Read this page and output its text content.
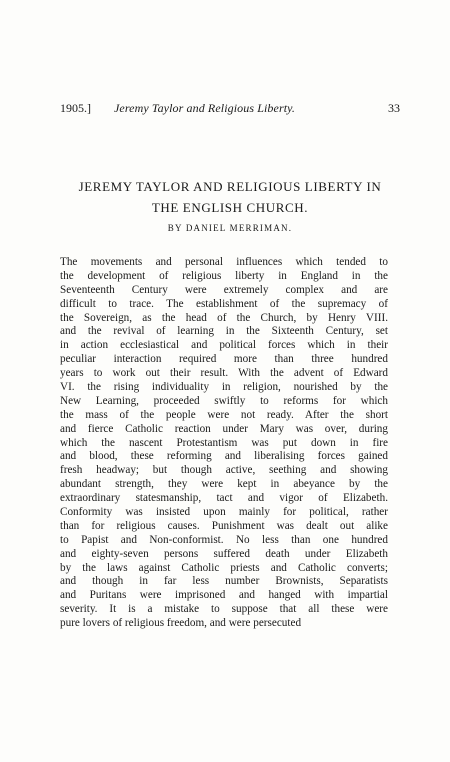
1905.] Jeremy Taylor and Religious Liberty.	33
JEREMY TAYLOR AND RELIGIOUS LIBERTY IN
THE ENGLISH CHURCH.
BY DANIEL MERRIMAN.
The movements and personal influences which tended to
the development of religious liberty in England in the
Seventeenth Century were extremely complex and are
difficult to trace. The establishment of the supremacy of
the Sovereign, as the head of the Church, by Henry VIII.
and the revival of learning in the Sixteenth Century, set
in action ecclesiastical and political forces which in their
peculiar interaction required more than three hundred
years to work out their result. With the advent of Edward
VI. the rising individuality in religion, nourished by the
New Learning, proceeded swiftly to reforms for which
the mass of the people were not ready. After the short
and fierce Catholic reaction under Mary was over, during
which the nascent Protestantism was put down in fire
and blood, these reforming and liberalising forces gained
fresh headway; but though active, seething and showing
abundant strength, they were kept in abeyance by the
extraordinary statesmanship, tact and vigor of Elizabeth.
Conformity was insisted upon mainly for political, rather
than for religious causes. Punishment was dealt out alike
to Papist and Non-conformist. No less than one hundred
and eighty-seven persons suffered death under Elizabeth
by the laws against Catholic priests and Catholic converts;
and though in far less number Brownists, Separatists
and Puritans were imprisoned and hanged with impartial
severity. It is a mistake to suppose that all these were
pure lovers of religious freedom, and were persecuted
